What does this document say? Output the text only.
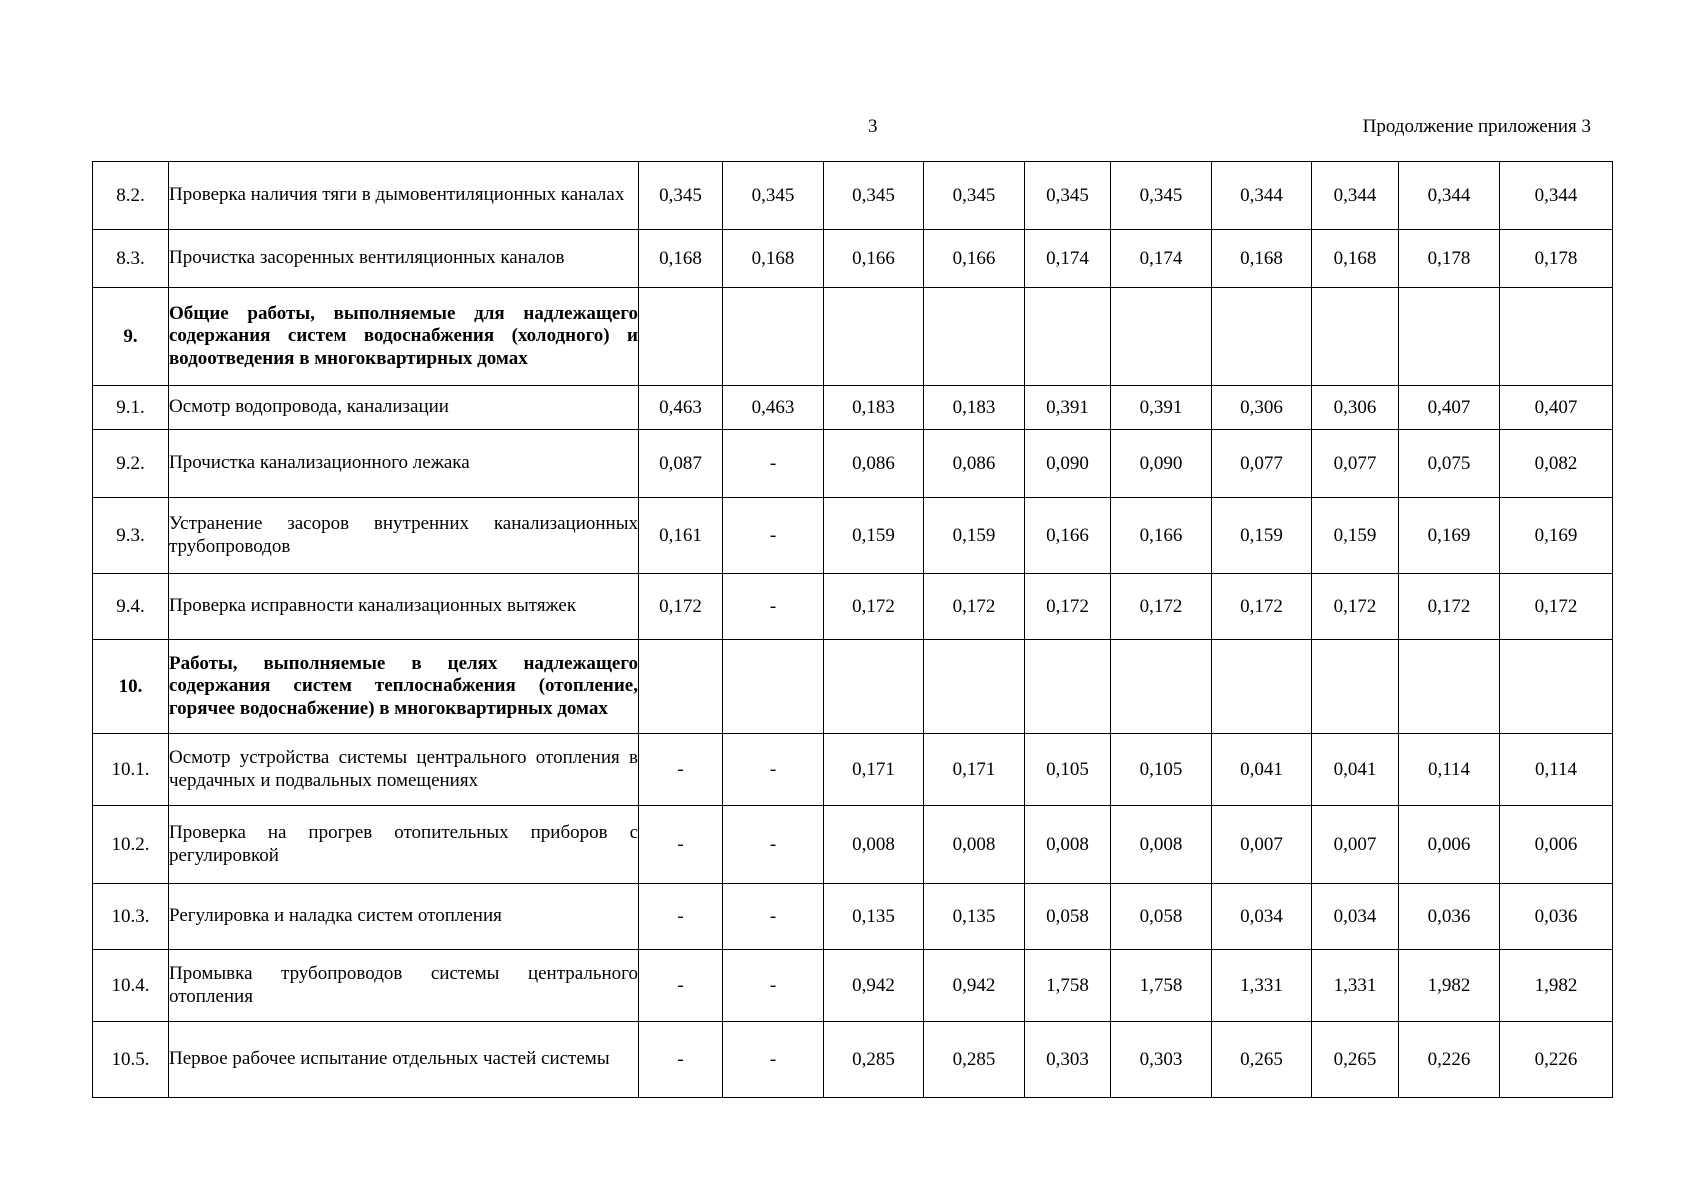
3	Продолжение приложения 3
8.2.	Проверка наличия тяги в дымовентиляционных каналах	0,345	0,345	0,345	0,345	0,345	0,345	0,344	0,344	0,344	0,344
8.3.	Прочистка засоренных вентиляционных каналов	0,168	0,168	0,166	0,166	0,174	0,174	0,168	0,168	0,178	0,178
9.	Общие работы, выполняемые для надлежащего содержания систем водоснабжения (холодного) и водоотведения в многоквартирных домах										
9.1.	Осмотр водопровода, канализации	0,463	0,463	0,183	0,183	0,391	0,391	0,306	0,306	0,407	0,407
9.2.	Прочистка канализационного лежака	0,087	-	0,086	0,086	0,090	0,090	0,077	0,077	0,075	0,082
9.3.	Устранение засоров внутренних канализационных трубопроводов	0,161	-	0,159	0,159	0,166	0,166	0,159	0,159	0,169	0,169
9.4.	Проверка исправности канализационных вытяжек	0,172	-	0,172	0,172	0,172	0,172	0,172	0,172	0,172	0,172
10.	Работы, выполняемые в целях надлежащего содержания систем теплоснабжения (отопление, горячее водоснабжение) в многоквартирных домах										
10.1.	Осмотр устройства системы центрального отопления в чердачных и подвальных помещениях	-	-	0,171	0,171	0,105	0,105	0,041	0,041	0,114	0,114
10.2.	Проверка на прогрев отопительных приборов с регулировкой	-	-	0,008	0,008	0,008	0,008	0,007	0,007	0,006	0,006
10.3.	Регулировка и наладка систем отопления	-	-	0,135	0,135	0,058	0,058	0,034	0,034	0,036	0,036
10.4.	Промывка трубопроводов системы центрального отопления	-	-	0,942	0,942	1,758	1,758	1,331	1,331	1,982	1,982
10.5.	Первое рабочее испытание отдельных частей системы	-	-	0,285	0,285	0,303	0,303	0,265	0,265	0,226	0,226
